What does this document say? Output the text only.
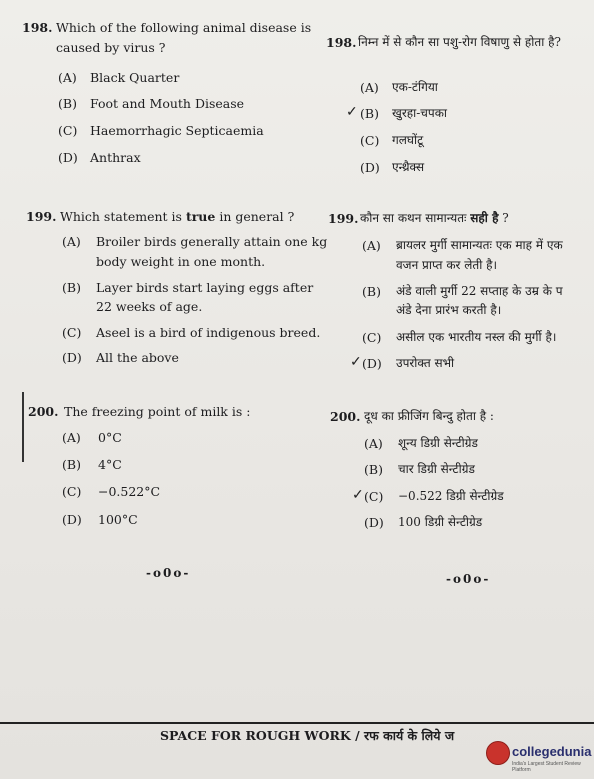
198. Which of the following animal disease is
caused by virus ?
(A) Black Quarter
(B) Foot and Mouth Disease
(C) Haemorrhagic Septicaemia
(D) Anthrax
198. निम्न में से कौन सा पशु-रोग विषाणु से होता है?
(A) एक-टंगिया
(B) खुरहा-चपका
✓
(C) गलघोंटू
(D) एन्थ्रैक्स
199. Which statement is true in general ?
(A) Broiler birds generally attain one kg
body weight in one month.
(B) Layer birds start laying eggs after
22 weeks of age.
(C) Aseel is a bird of indigenous breed.
(D) All the above
199. कौन सा कथन सामान्यतः सही है ?
(A) ब्रायलर मुर्गी सामान्यतः एक माह में एक
वजन प्राप्त कर लेती है।
(B) अंडे वाली मुर्गी 22 सप्ताह के उम्र के प
अंडे देना प्रारंभ करती है।
(C) असील एक भारतीय नस्ल की मुर्गी है।
(D) उपरोक्त सभी
✓
200. The freezing point of milk is :
(A) 0°C
(B) 4°C
(C) −0.522°C
(D) 100°C
200. दूध का फ्रीजिंग बिन्दु होता है :
(A) शून्य डिग्री सेन्टीग्रेड
(B) चार डिग्री सेन्टीग्रेड
(C) −0.522 डिग्री सेन्टीग्रेड
✓
(D) 100 डिग्री सेन्टीग्रेड
-o0o-	-o0o-
SPACE FOR ROUGH WORK / रफ कार्य के लिये ज
collegedunia
India's Largest Student Review Platform
